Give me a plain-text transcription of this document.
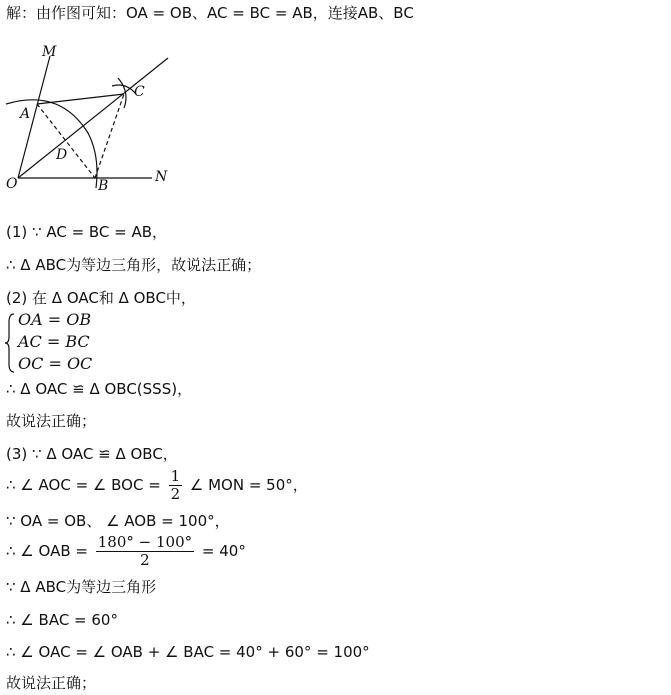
解：由作图可知：OA = OB、AC = BC = AB，连接AB、BC
M
A
C
D
O	B
N
(1) ∵ AC = BC = AB，
∴ Δ ABC为等边三角形，故说法正确；
(2) 在 Δ OAC和 Δ OBC中，
OA = OB
AC = BC
OC = OC
∴ Δ OAC ≌ Δ OBC(SSS)，
故说法正确；
(3) ∵ Δ OAC ≌ Δ OBC，
∴ ∠ AOC = ∠ BOC = $\frac{1}{2}$ ∠ MON = 50°，
∵ OA = OB、 ∠ AOB = 100°，
∴ ∠ OAB = $\frac{180^\circ - 100^\circ}{2} = 40^\circ$
∵ Δ ABC为等边三角形
∴ ∠ BAC = 60°
∴ ∠ OAC = ∠ OAB + ∠ BAC = 40° + 60° = 100°
故说法正确；
